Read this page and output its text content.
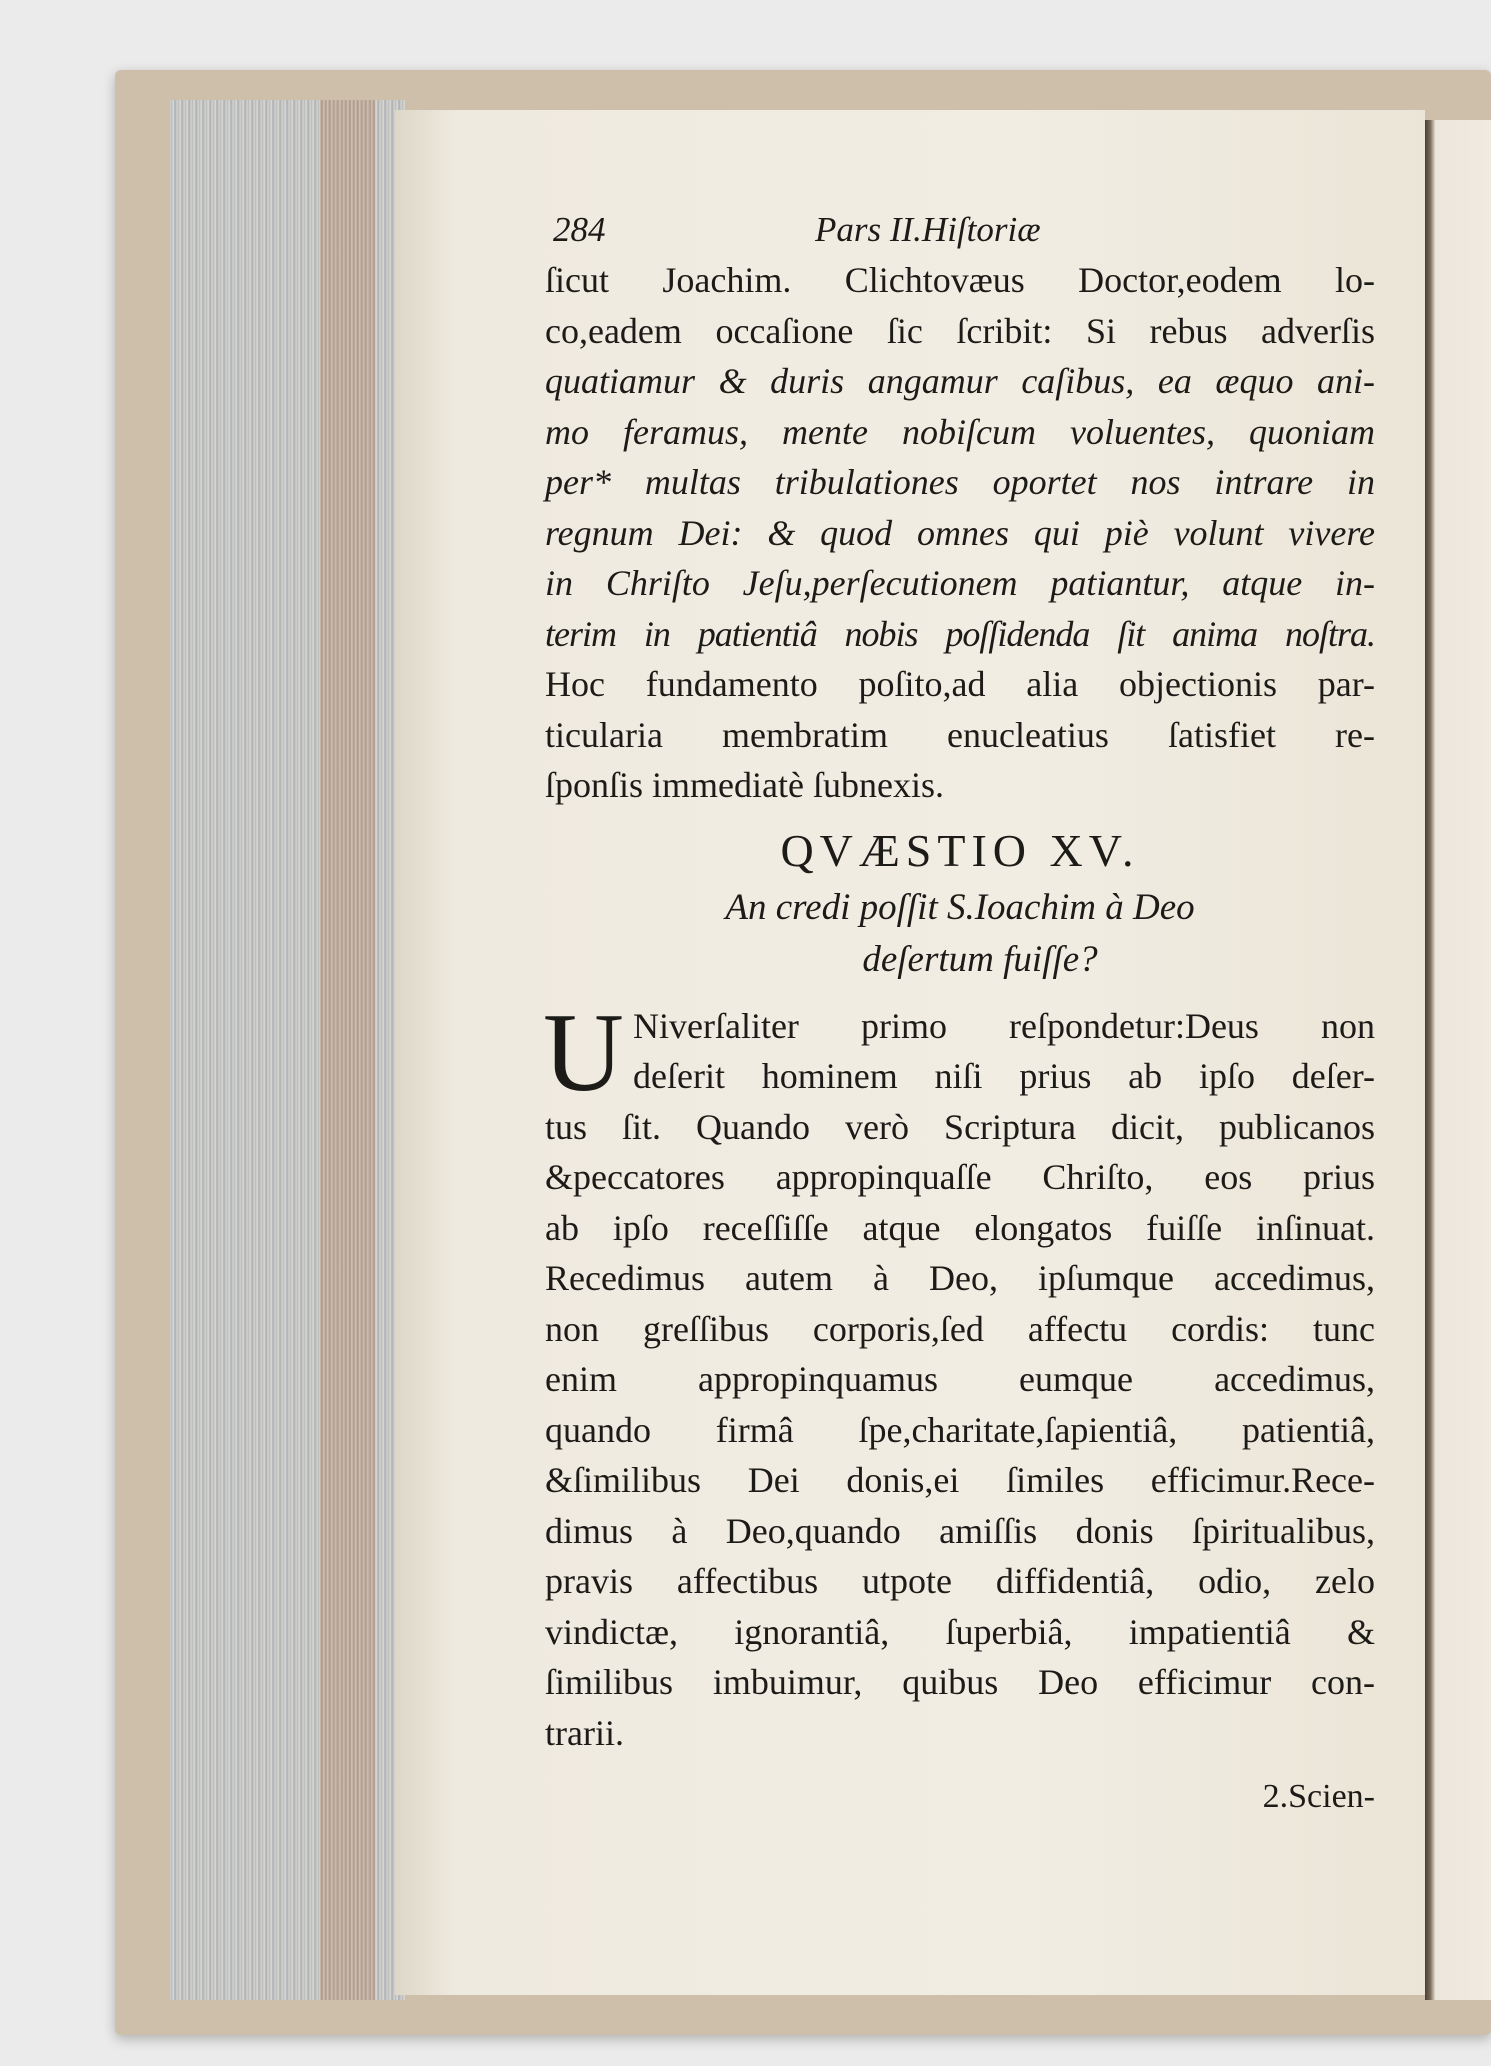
284	Pars II.Hiſtoriæ
ſicut Joachim. Clichtovæus Doctor,eodem lo-
co,eadem occaſione ſic ſcribit: Si rebus adverſis
quatiamur & duris angamur caſibus, ea æquo ani-
mo feramus, mente nobiſcum voluentes, quoniam
per* multas tribulationes oportet nos intrare in
regnum Dei: & quod omnes qui piè volunt vivere
in Chriſto Jeſu,perſecutionem patiantur, atque in-
terim in patientiâ nobis poſſidenda ſit anima noſtra.
Hoc fundamento poſito,ad alia objectionis par-
ticularia membratim enucleatius ſatisfiet re-
ſponſis immediatè ſubnexis.
QVÆSTIO XV.
An credi poſſit S.Ioachim à Deo
deſertum fuiſſe?
U Niverſaliter primo reſpondetur:Deus non
deſerit hominem niſi prius ab ipſo deſer-
tus ſit. Quando verò Scriptura dicit, publicanos
&peccatores appropinquaſſe Chriſto, eos prius
ab ipſo receſſiſſe atque elongatos fuiſſe inſinuat.
Recedimus autem à Deo, ipſumque accedimus,
non greſſibus corporis,ſed affectu cordis: tunc
enim appropinquamus eumque accedimus,
quando firmâ ſpe,charitate,ſapientiâ, patientiâ,
&ſimilibus Dei donis,ei ſimiles efficimur.Rece-
dimus à Deo,quando amiſſis donis ſpiritualibus,
pravis affectibus utpote diffidentiâ, odio, zelo
vindictæ, ignorantiâ, ſuperbiâ, impatientiâ &
ſimilibus imbuimur, quibus Deo efficimur con-
trarii.
2.Scien-
